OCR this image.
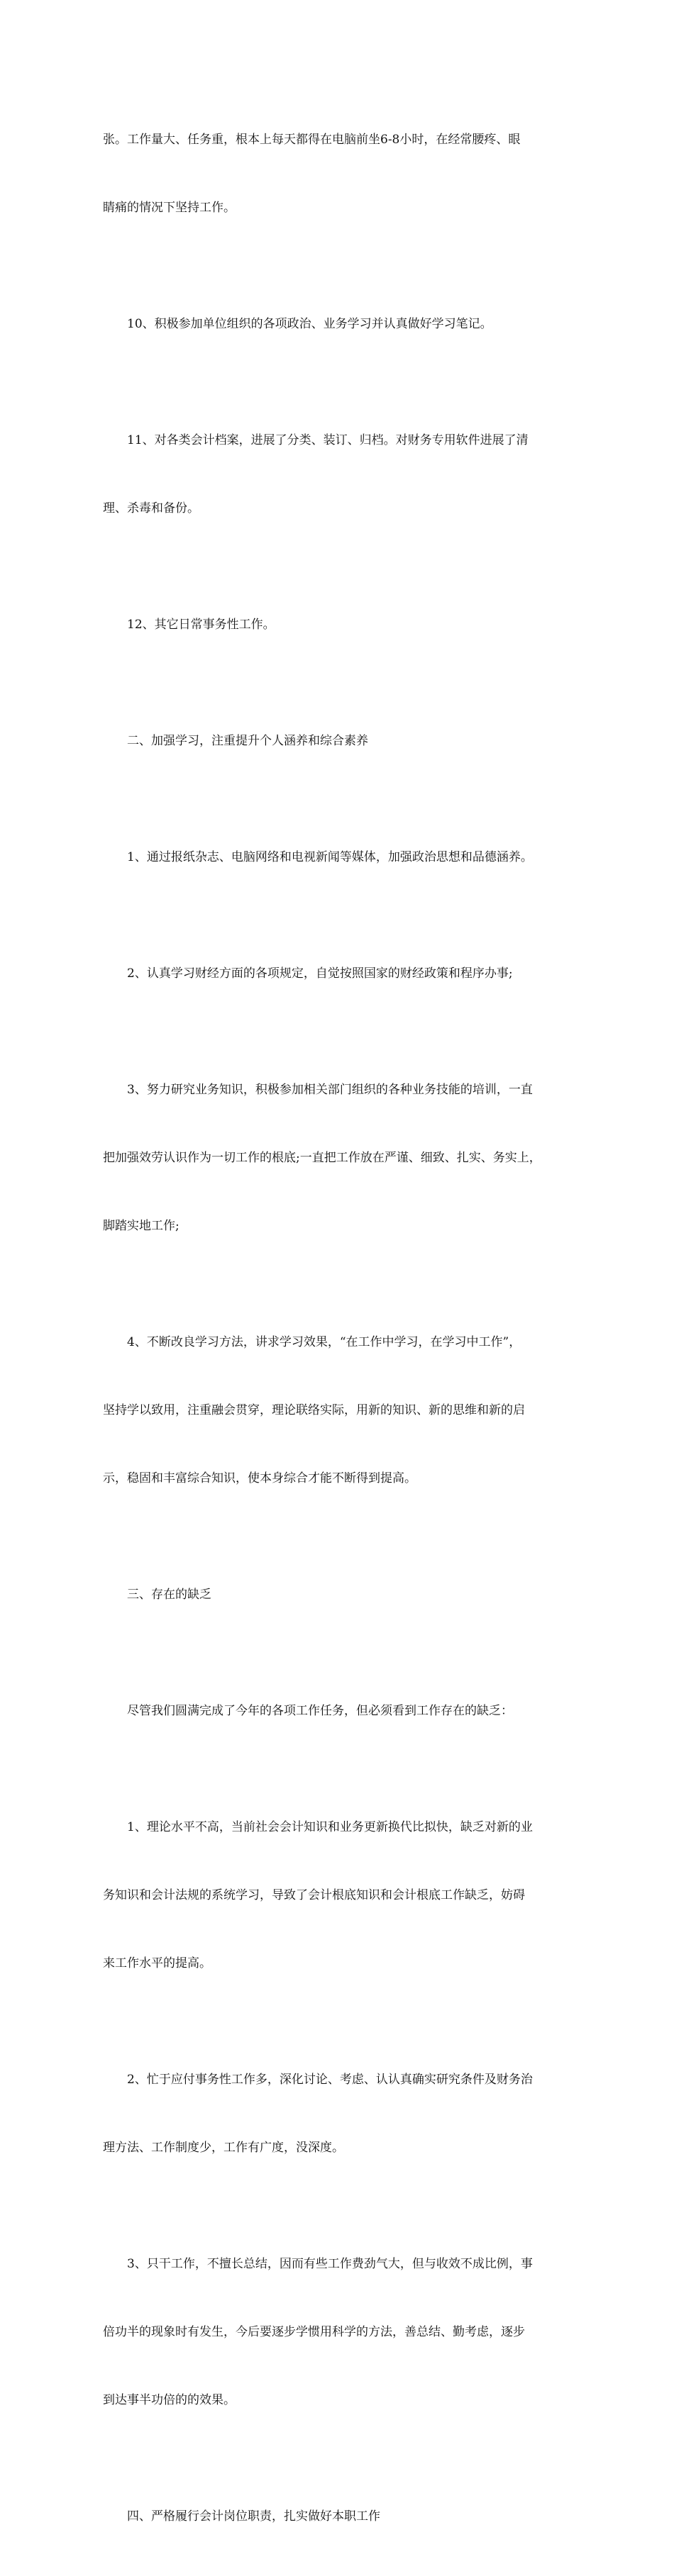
张。工作量大、任务重，根本上每天都得在电脑前坐6-8小时，在经常腰疼、眼

睛痛的情况下坚持工作。

10、积极参加单位组织的各项政治、业务学习并认真做好学习笔记。

11、对各类会计档案，进展了分类、装订、归档。对财务专用软件进展了清

理、杀毒和备份。

12、其它日常事务性工作。

二、加强学习，注重提升个人涵养和综合素养

1、通过报纸杂志、电脑网络和电视新闻等媒体，加强政治思想和品德涵养。

2、认真学习财经方面的各项规定，自觉按照国家的财经政策和程序办事;

3、努力研究业务知识，积极参加相关部门组织的各种业务技能的培训，一直

把加强效劳认识作为一切工作的根底;一直把工作放在严谨、细致、扎实、务实上，

脚踏实地工作;

4、不断改良学习方法，讲求学习效果，“在工作中学习，在学习中工作”，

坚持学以致用，注重融会贯穿，理论联络实际，用新的知识、新的思维和新的启

示，稳固和丰富综合知识，使本身综合才能不断得到提高。

三、存在的缺乏

尽管我们圆满完成了今年的各项工作任务，但必须看到工作存在的缺乏：

1、理论水平不高，当前社会会计知识和业务更新换代比拟快，缺乏对新的业

务知识和会计法规的系统学习，导致了会计根底知识和会计根底工作缺乏，妨碍

来工作水平的提高。

2、忙于应付事务性工作多，深化讨论、考虑、认认真确实研究条件及财务治

理方法、工作制度少，工作有广度，没深度。

3、只干工作，不擅长总结，因而有些工作费劲气大，但与收效不成比例，事

倍功半的现象时有发生，今后要逐步学惯用科学的方法，善总结、勤考虑，逐步

到达事半功倍的的效果。

四、严格履行会计岗位职责，扎实做好本职工作
